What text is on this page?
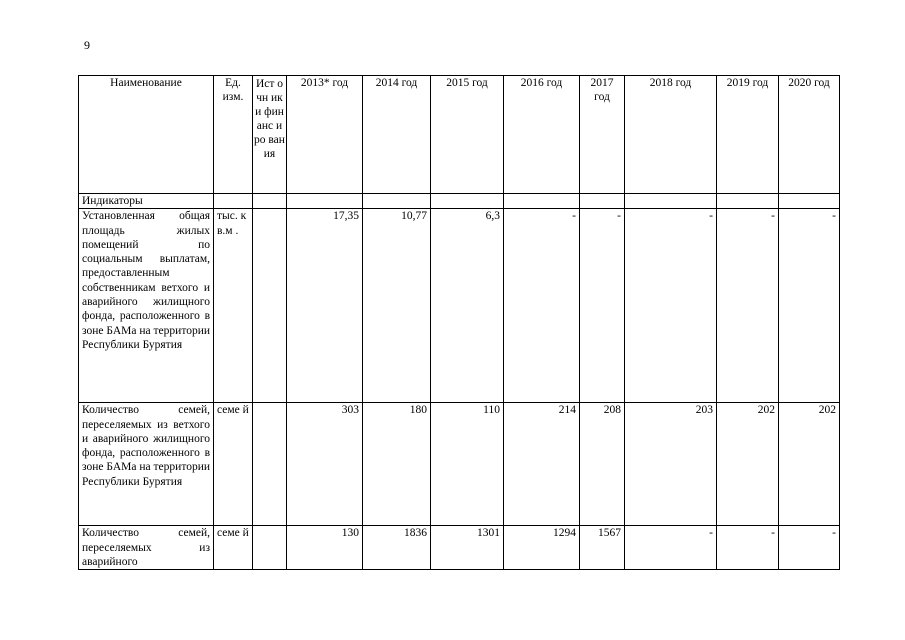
9
Наименование	Ед. изм.	Ист очн ики фин анс иро ван ия	2013* год	2014 год	2015 год	2016 год	2017 год	2018 год	2019 год	2020 год
Индикаторы										
Установленная общая площадь жилых помещений по социальным выплатам, предоставленным собственникам ветхого и аварийного жилищного фонда, расположенного в зоне БАМа на территории Республики Бурятия	тыс. кв.м .		17,35	10,77	6,3	-	-	-	-	-
Количество семей, переселяемых из ветхого и аварийного жилищного фонда, расположенного в зоне БАМа на территории Республики Бурятия	семе й		303	180	110	214	208	203	202	202
Количество семей, переселяемых из аварийного	семе й		130	1836	1301	1294	1567	-	-	-
